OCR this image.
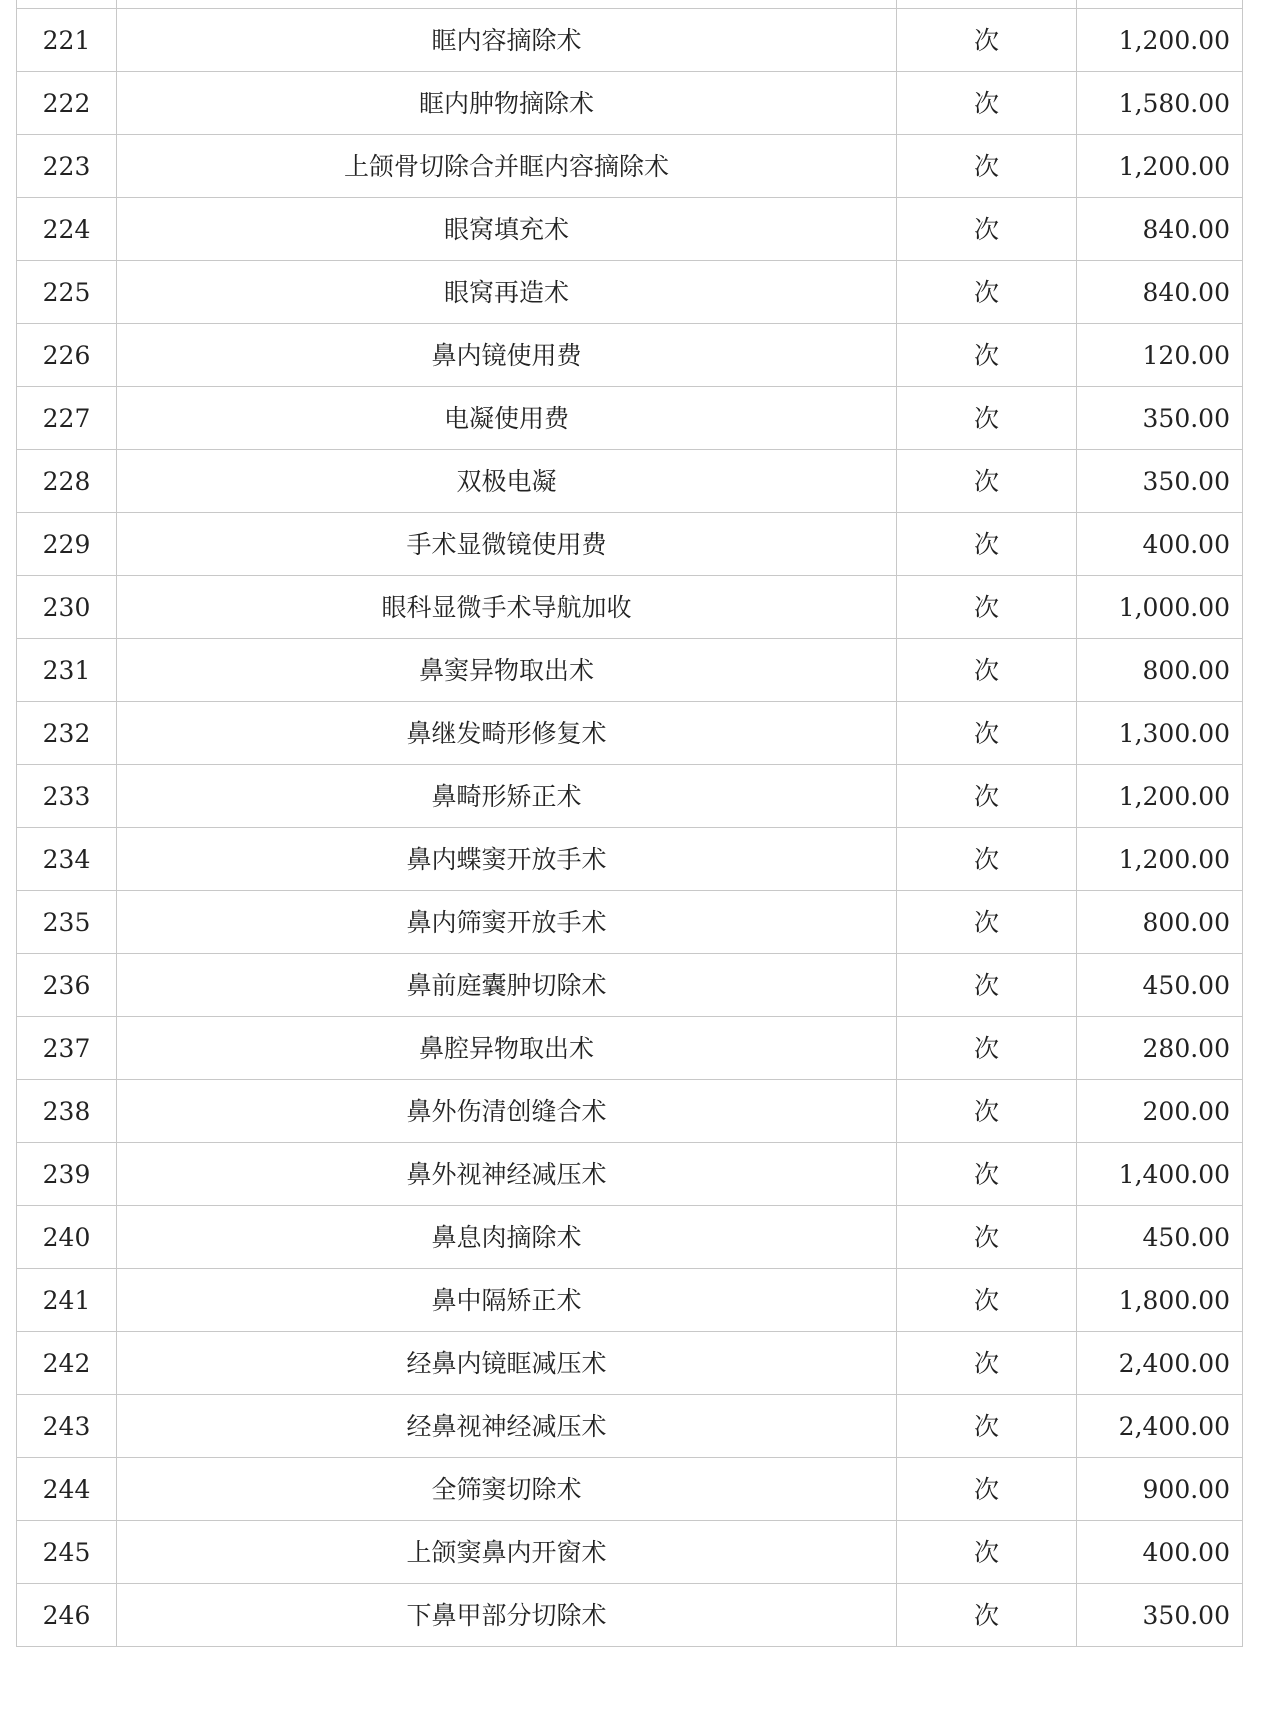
221	眶内容摘除术	次	1,200.00
222	眶内肿物摘除术	次	1,580.00
223	上颌骨切除合并眶内容摘除术	次	1,200.00
224	眼窝填充术	次	840.00
225	眼窝再造术	次	840.00
226	鼻内镜使用费	次	120.00
227	电凝使用费	次	350.00
228	双极电凝	次	350.00
229	手术显微镜使用费	次	400.00
230	眼科显微手术导航加收	次	1,000.00
231	鼻窦异物取出术	次	800.00
232	鼻继发畸形修复术	次	1,300.00
233	鼻畸形矫正术	次	1,200.00
234	鼻内蝶窦开放手术	次	1,200.00
235	鼻内筛窦开放手术	次	800.00
236	鼻前庭囊肿切除术	次	450.00
237	鼻腔异物取出术	次	280.00
238	鼻外伤清创缝合术	次	200.00
239	鼻外视神经减压术	次	1,400.00
240	鼻息肉摘除术	次	450.00
241	鼻中隔矫正术	次	1,800.00
242	经鼻内镜眶减压术	次	2,400.00
243	经鼻视神经减压术	次	2,400.00
244	全筛窦切除术	次	900.00
245	上颌窦鼻内开窗术	次	400.00
246	下鼻甲部分切除术	次	350.00
